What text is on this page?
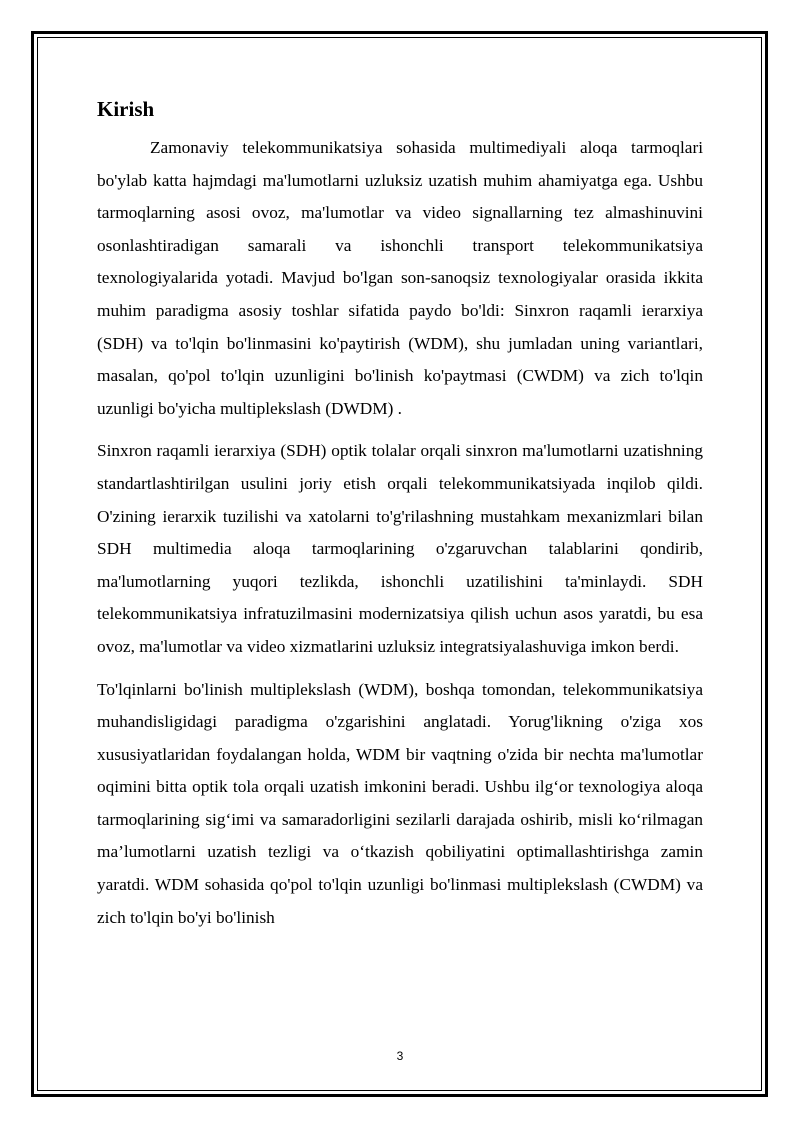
Kirish

Zamonaviy telekommunikatsiya sohasida multimediyali aloqa tarmoqlari bo'ylab katta hajmdagi ma'lumotlarni uzluksiz uzatish muhim ahamiyatga ega. Ushbu tarmoqlarning asosi ovoz, ma'lumotlar va video signallarning tez almashinuvini osonlashtiradigan samarali va ishonchli transport telekommunikatsiya texnologiyalarida yotadi. Mavjud bo'lgan son-sanoqsiz texnologiyalar orasida ikkita muhim paradigma asosiy toshlar sifatida paydo bo'ldi: Sinxron raqamli ierarxiya (SDH) va to'lqin bo'linmasini ko'paytirish (WDM), shu jumladan uning variantlari, masalan, qo'pol to'lqin uzunligini bo'linish ko'paytmasi (CWDM) va zich to'lqin uzunligi bo'yicha multiplekslash (DWDM) .

Sinxron raqamli ierarxiya (SDH) optik tolalar orqali sinxron ma'lumotlarni uzatishning standartlashtirilgan usulini joriy etish orqali telekommunikatsiyada inqilob qildi. O'zining ierarxik tuzilishi va xatolarni to'g'rilashning mustahkam mexanizmlari bilan SDH multimedia aloqa tarmoqlarining o'zgaruvchan talablarini qondirib, ma'lumotlarning yuqori tezlikda, ishonchli uzatilishini ta'minlaydi. SDH telekommunikatsiya infratuzilmasini modernizatsiya qilish uchun asos yaratdi, bu esa ovoz, ma'lumotlar va video xizmatlarini uzluksiz integratsiyalashuviga imkon berdi.

To'lqinlarni bo'linish multiplekslash (WDM), boshqa tomondan, telekommunikatsiya muhandisligidagi paradigma o'zgarishini anglatadi. Yorug'likning o'ziga xos xususiyatlaridan foydalangan holda, WDM bir vaqtning o'zida bir nechta ma'lumotlar oqimini bitta optik tola orqali uzatish imkonini beradi. Ushbu ilg‘or texnologiya aloqa tarmoqlarining sig‘imi va samaradorligini sezilarli darajada oshirib, misli ko‘rilmagan ma’lumotlarni uzatish tezligi va o‘tkazish qobiliyatini optimallashtirishga zamin yaratdi. WDM sohasida qo'pol to'lqin uzunligi bo'linmasi multiplekslash (CWDM) va zich to'lqin bo'yi bo'linish

3
